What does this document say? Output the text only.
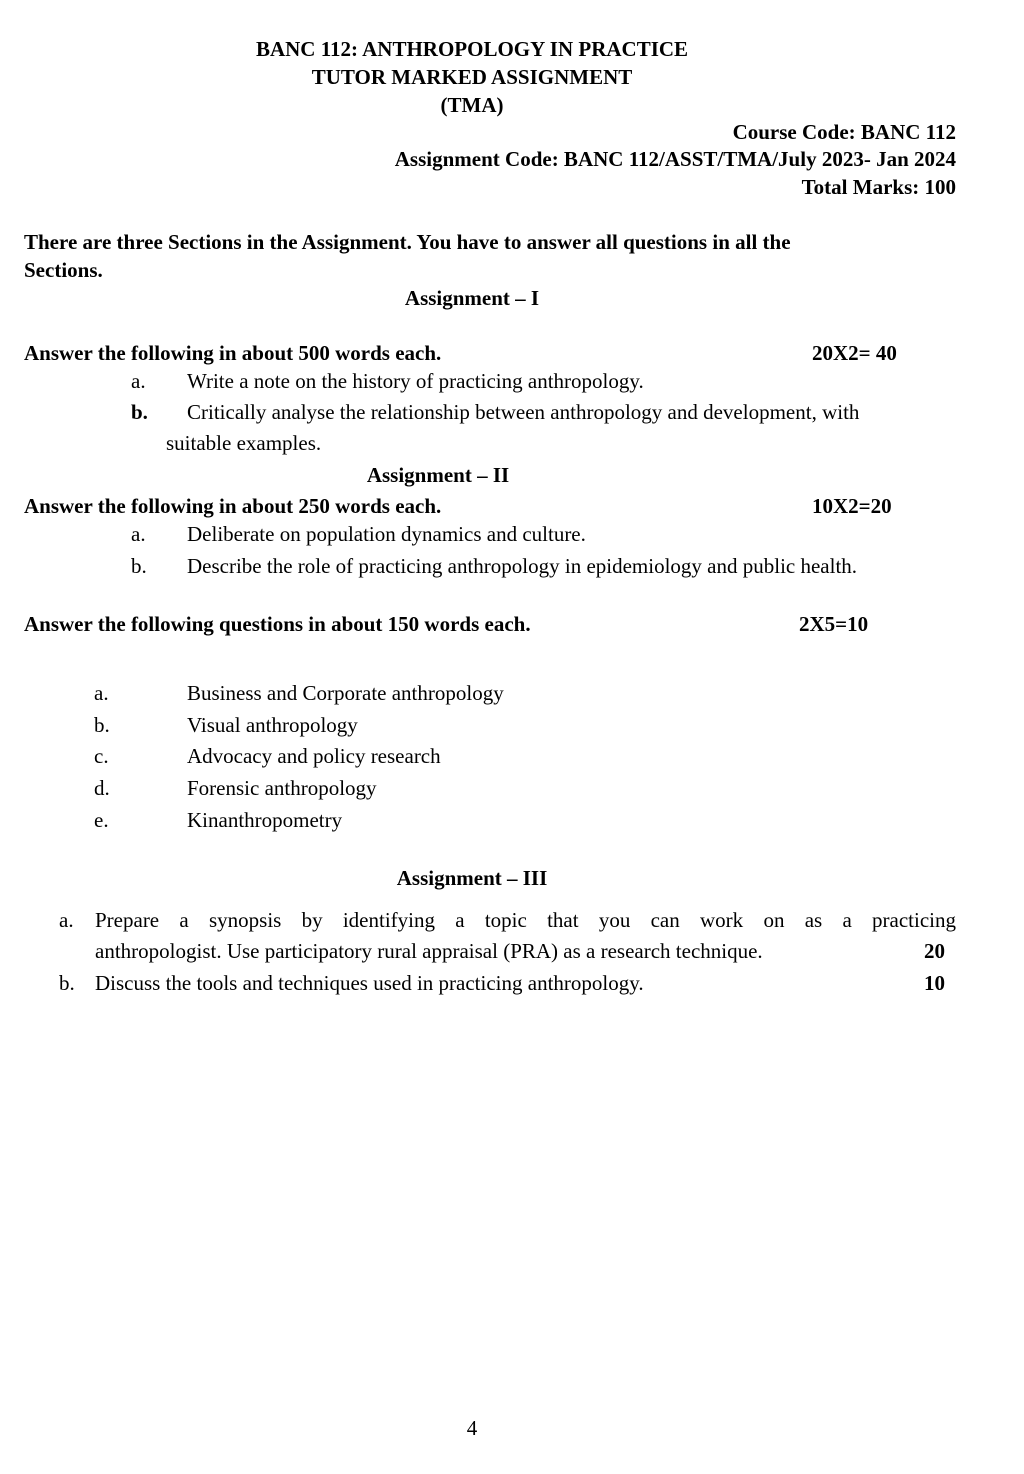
BANC 112: ANTHROPOLOGY IN PRACTICE
TUTOR MARKED ASSIGNMENT
(TMA)
Course Code: BANC 112
Assignment Code: BANC 112/ASST/TMA/July 2023- Jan 2024
Total Marks: 100
There are three Sections in the Assignment. You have to answer all questions in all the
Sections.
Assignment – I
Answer the following in about 500 words each.	20X2= 40
a. Write a note on the history of practicing anthropology.
b. Critically analyse the relationship between anthropology and development, with
suitable examples.
Assignment – II
Answer the following in about 250 words each.	10X2=20
a. Deliberate on population dynamics and culture.
b. Describe the role of practicing anthropology in epidemiology and public health.
Answer the following questions in about 150 words each.	2X5=10
a.	Business and Corporate anthropology
b.	Visual anthropology
c.	Advocacy and policy research
d.	Forensic anthropology
e.	Kinanthropometry
Assignment – III
a. Prepare a synopsis by identifying a topic that you can work on as a practicing
anthropologist. Use participatory rural appraisal (PRA) as a research technique.	20
b. Discuss the tools and techniques used in practicing anthropology.	10
4
